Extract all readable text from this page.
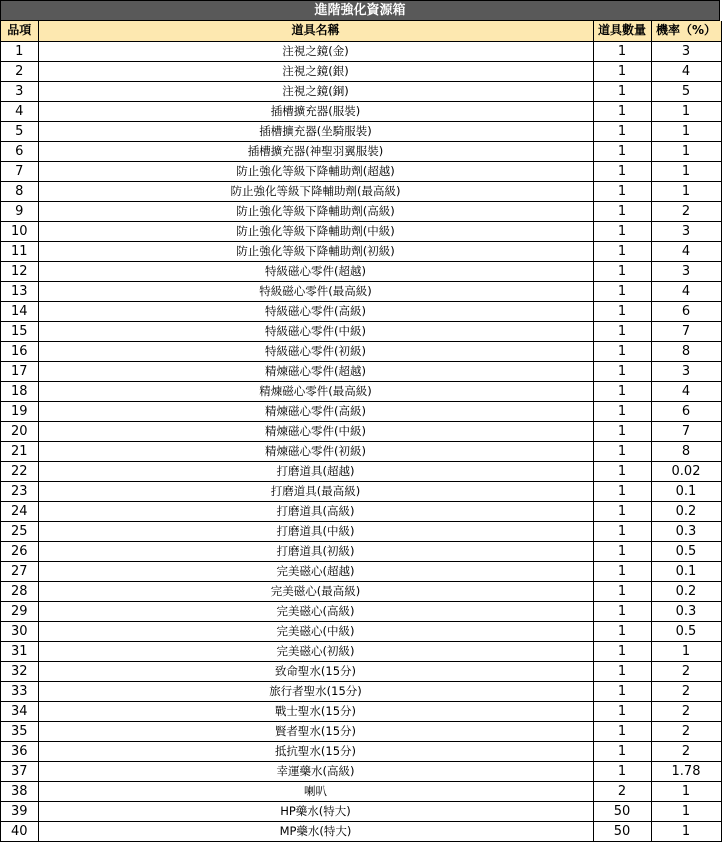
進階強化資源箱
品項	道具名稱	道具數量	機率（%）
1	注視之鏡(金)	1	3
2	注視之鏡(銀)	1	4
3	注視之鏡(銅)	1	5
4	插槽擴充器(服裝)	1	1
5	插槽擴充器(坐騎服裝)	1	1
6	插槽擴充器(神聖羽翼服裝)	1	1
7	防止強化等級下降輔助劑(超越)	1	1
8	防止強化等級下降輔助劑(最高級)	1	1
9	防止強化等級下降輔助劑(高級)	1	2
10	防止強化等級下降輔助劑(中級)	1	3
11	防止強化等級下降輔助劑(初級)	1	4
12	特級磁心零件(超越)	1	3
13	特級磁心零件(最高級)	1	4
14	特級磁心零件(高級)	1	6
15	特級磁心零件(中級)	1	7
16	特級磁心零件(初級)	1	8
17	精煉磁心零件(超越)	1	3
18	精煉磁心零件(最高級)	1	4
19	精煉磁心零件(高級)	1	6
20	精煉磁心零件(中級)	1	7
21	精煉磁心零件(初級)	1	8
22	打磨道具(超越)	1	0.02
23	打磨道具(最高級)	1	0.1
24	打磨道具(高級)	1	0.2
25	打磨道具(中級)	1	0.3
26	打磨道具(初級)	1	0.5
27	完美磁心(超越)	1	0.1
28	完美磁心(最高級)	1	0.2
29	完美磁心(高級)	1	0.3
30	完美磁心(中級)	1	0.5
31	完美磁心(初級)	1	1
32	致命聖水(15分)	1	2
33	旅行者聖水(15分)	1	2
34	戰士聖水(15分)	1	2
35	賢者聖水(15分)	1	2
36	抵抗聖水(15分)	1	2
37	幸運藥水(高級)	1	1.78
38	喇叭	2	1
39	HP藥水(特大)	50	1
40	MP藥水(特大)	50	1
